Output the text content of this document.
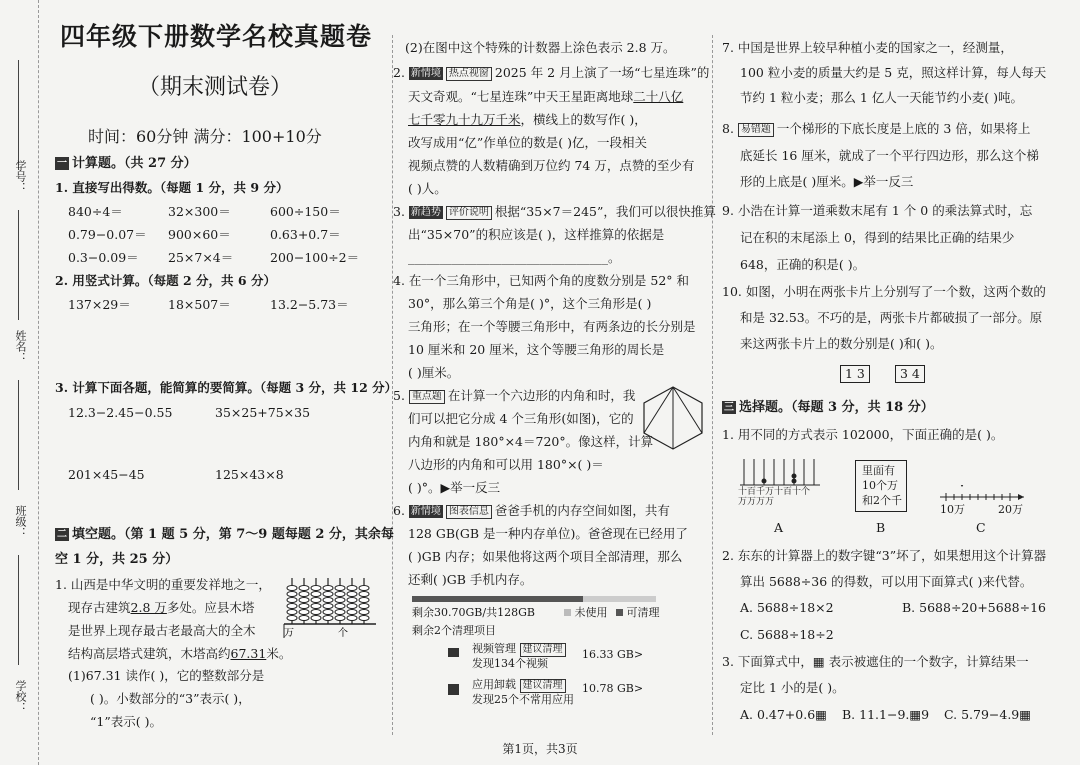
学号：
姓名：
班级：
学校：
四年级下册数学名校真题卷
（期末测试卷）
时间：60分钟 满分：100+10分
一 计算题。（共 27 分）
1. 直接写出得数。（每题 1 分，共 9 分）
840÷4＝	32×300＝	600÷150＝
0.79−0.07＝ 900×60＝	0.63+0.7＝
0.3−0.09＝ 25×7×4＝	200−100÷2＝
2. 用竖式计算。（每题 2 分，共 6 分）
137×29＝	18×507＝	13.2−5.73＝
3. 计算下面各题，能简算的要简算。（每题 3 分，共 12 分）
12.3−2.45−0.55	35×25+75×35
201×45−45	125×43×8
二 填空题。（第 1 题 5 分，第 7～9 题每题 2 分，其余每
空 1 分，共 25 分）
1. 山西是中华文明的重要发祥地之一，
现存古建筑2.8 万多处。应县木塔
是世界上现存最古老最高大的全木
结构高层塔式建筑，木塔高约67.31米。
(1)67.31 读作( )，它的整数部分是
( )。小数部分的“3”表示( )，
“1”表示( )。
万	个
(2)在图中这个特殊的计数器上涂色表示 2.8 万。
2. 新情境 热点视窗 2025 年 2 月上演了一场“七星连珠”的
天文奇观。“七星连珠”中天王星距离地球二十八亿
七千零九十九万千米，横线上的数写作( )，
改写成用“亿”作单位的数是( )亿，一段相关
视频点赞的人数精确到万位约 74 万，点赞的至少有
( )人。
3. 新趋势 评价说明 根据“35×7＝245”，我们可以很快推算
出“35×70”的积应该是( )，这样推算的依据是
________________________________。
4. 在一个三角形中，已知两个角的度数分别是 52° 和
30°，那么第三个角是( )°，这个三角形是( )
三角形；在一个等腰三角形中，有两条边的长分别是
10 厘米和 20 厘米，这个等腰三角形的周长是
( )厘米。
5. 重点题 在计算一个六边形的内角和时，我
们可以把它分成 4 个三角形(如图)，它的
内角和就是 180°×4＝720°。像这样，计算
八边形的内角和可以用 180°×( )＝
( )°。▶举一反三
6. 新情境 图表信息 爸爸手机的内存空间如图，共有
128 GB(GB 是一种内存单位)。爸爸现在已经用了
( )GB 内存；如果他将这两个项目全部清理，那么
还剩( )GB 手机内存。
剩余30.70GB/共128GB	未使用	可清理
剩余2个清理项目
视频管理 建议清理
发现134个视频
16.33 GB>
应用卸载 建议清理
发现25个不常用应用
10.78 GB>
7. 中国是世界上较早种植小麦的国家之一，经测量，
100 粒小麦的质量大约是 5 克，照这样计算，每人每天
节约 1 粒小麦；那么 1 亿人一天能节约小麦( )吨。
8. 易错题 一个梯形的下底长度是上底的 3 倍，如果将上
底延长 16 厘米，就成了一个平行四边形，那么这个梯
形的上底是( )厘米。▶举一反三
9. 小浩在计算一道乘数末尾有 1 个 0 的乘法算式时，忘
记在积的末尾添上 0，得到的结果比正确的结果少
648，正确的积是( )。
10. 如图，小明在两张卡片上分别写了一个数，这两个数的
和是 32.53。不巧的是，两张卡片都破损了一部分。原
来这两张卡片上的数分别是( )和( )。
1 3	3 4
三 选择题。（每题 3 分，共 18 分）
1. 用不同的方式表示 102000，下面正确的是( )。
十百千万十百十个
万万万万
A
里面有
10个万
和2个千
B
10万	20万
C
2. 东东的计算器上的数字键“3”坏了，如果想用这个计算器
算出 5688÷36 的得数，可以用下面算式( )来代替。
A. 5688÷18×2	B. 5688÷20+5688÷16
C. 5688÷18÷2
3. 下面算式中，▦ 表示被遮住的一个数字，计算结果一
定比 1 小的是( )。
A. 0.47+0.6▦ B. 11.1−9.▦9 C. 5.79−4.9▦
第1页，共3页
